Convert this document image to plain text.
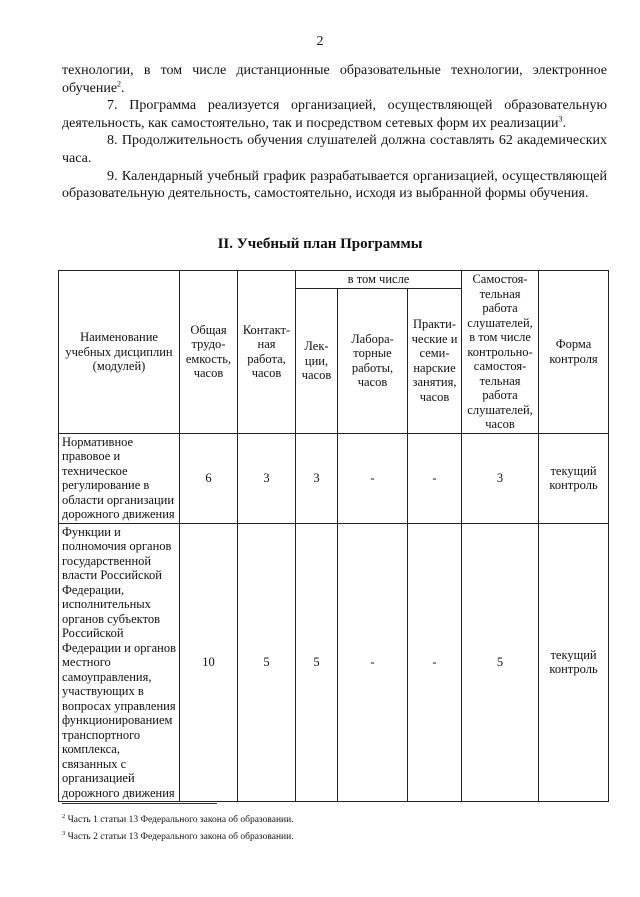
2

технологии, в том числе дистанционные образовательные технологии, электронное обучение$^2$.

7. Программа реализуется организацией, осуществляющей образовательную деятельность, как самостоятельно, так и посредством сетевых форм их реализации$^3$.

8. Продолжительность обучения слушателей должна составлять 62 академических часа.

9. Календарный учебный график разрабатывается организацией, осуществляющей образовательную деятельность, самостоятельно, исходя из выбранной формы обучения.

II. Учебный план Программы
Наименование учебных дисциплин (модулей)	Общая трудо-емкость, часов	Контакт-ная работа, часов	в том числе			Самостоя-тельная работа слушателей, в том числе контрольно-самостоя-тельная работа слушателей, часов	Форма контроля
			Лек-ции, часов	Лабора-торные работы, часов	Практи-ческие и семи-нарские занятия, часов		
Нормативное правовое и техническое регулирование в области организации дорожного движения	6	3	3	-	-	3	текущий контроль
Функции и полномочия органов государственной власти Российской Федерации, исполнительных органов субъектов Российской Федерации и органов местного самоуправления, участвующих в вопросах управления функционированием транспортного комплекса, связанных с организацией дорожного движения	10	5	5	-	-	5	текущий контроль
$^2$ Часть 1 статьи 13 Федерального закона об образовании.
$^3$ Часть 2 статьи 13 Федерального закона об образовании.
